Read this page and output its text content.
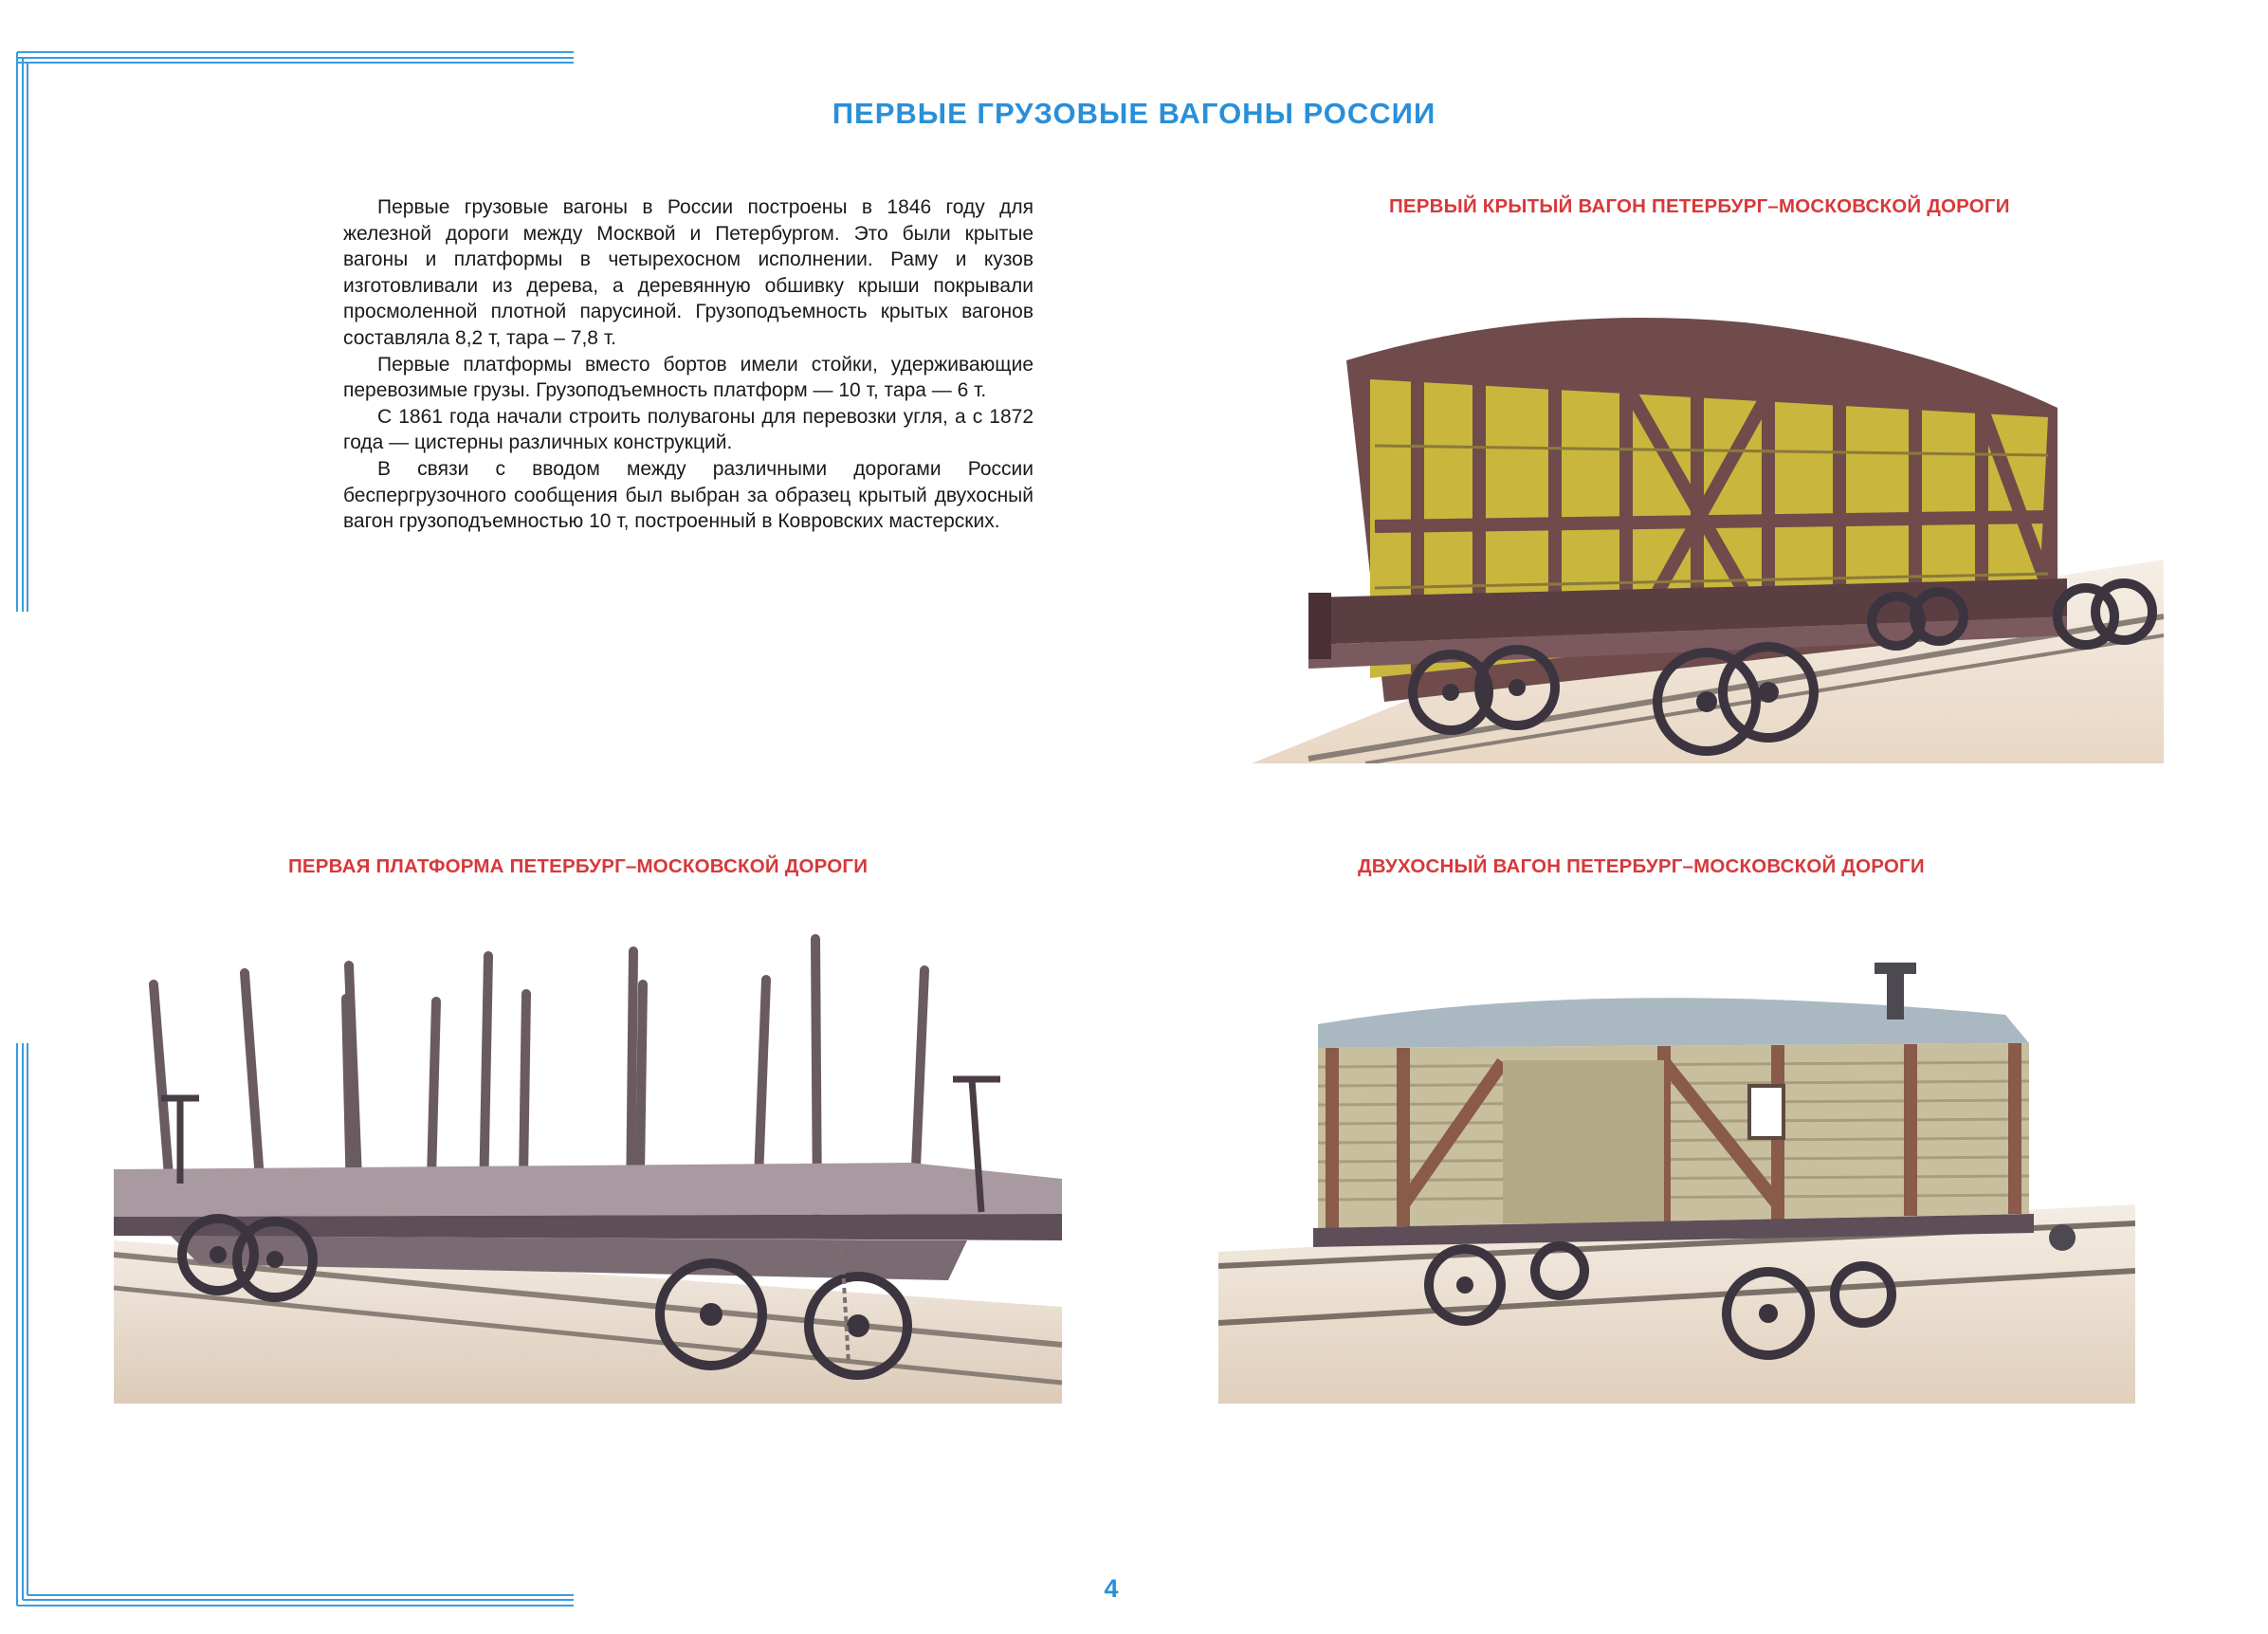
ПЕРВЫЕ ГРУЗОВЫЕ ВАГОНЫ РОССИИ

Первые грузовые вагоны в России построены в 1846 году для железной дороги между Москвой и Петербургом. Это были крытые вагоны и платформы в четырехосном исполнении. Раму и кузов изготовливали из дерева, а деревянную обшивку крыши покрывали просмоленной плотной парусиной. Грузоподъемность крытых вагонов составляла 8,2 т, тара – 7,8 т.

Первые платформы вместо бортов имели стойки, удерживающие перевозимые грузы. Грузоподъемность платформ — 10 т, тара — 6 т.

С 1861 года начали строить полувагоны для перевозки угля, а с 1872 года — цистерны различных конструкций.

В связи с вводом между различными дорогами России беспергрузочного сообщения был выбран за образец крытый двухосный вагон грузоподъемностью 10 т, построенный в Ковровских мастерских.

ПЕРВЫЙ КРЫТЫЙ ВАГОН ПЕТЕРБУРГ–МОСКОВСКОЙ ДОРОГИ
ПЕРВАЯ ПЛАТФОРМА ПЕТЕРБУРГ–МОСКОВСКОЙ ДОРОГИ	ДВУХОСНЫЙ ВАГОН ПЕТЕРБУРГ–МОСКОВСКОЙ ДОРОГИ
4
